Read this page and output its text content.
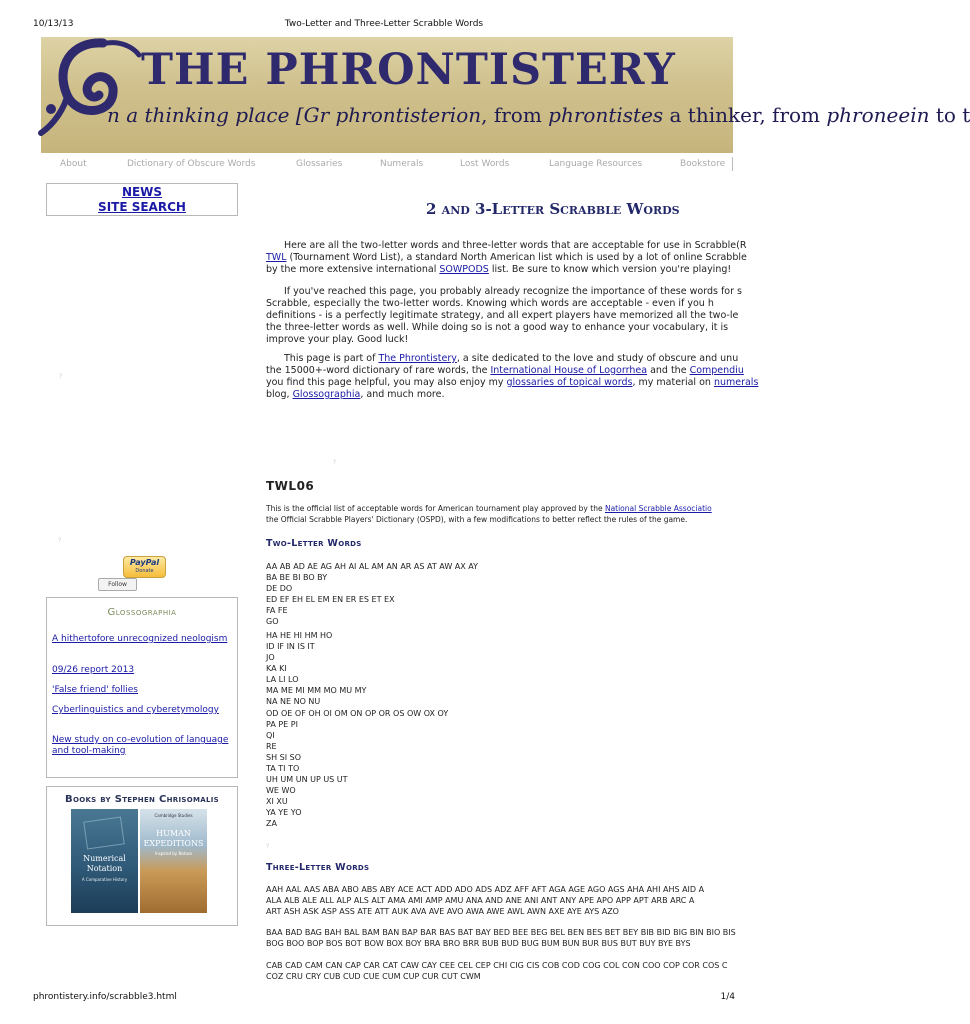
10/13/13	Two-Letter and Three-Letter Scrabble Words
THE PHRONTISTERY
n a thinking place [Gr phrontisterion, from phrontistes a thinker, from phroneein to t
About	Dictionary of Obscure Words	Glossaries	Numerals	Lost Words	Language Resources	Bookstore
NEWS
SITE SEARCH
?
?
PayPal
Donate
Follow
Glossographia
A hithertofore unrecognized neologism
09/26 report 2013
'False friend' follies
Cyberlinguistics and cyberetymology
New study on co-evolution of language and tool-making
Books by Stephen Chrisomalis
Numerical Notation
A Comparative History
Cambridge Studies
HUMAN EXPEDITIONS
Inspired by Nature
2 and 3-Letter Scrabble Words
Here are all the two-letter words and three-letter words that are acceptable for use in Scrabble(R
TWL (Tournament Word List), a standard North American list which is used by a lot of online Scrabble
by the more extensive international SOWPODS list. Be sure to know which version you're playing!
If you've reached this page, you probably already recognize the importance of these words for s
Scrabble, especially the two-letter words. Knowing which words are acceptable - even if you h
definitions - is a perfectly legitimate strategy, and all expert players have memorized all the two-le
the three-letter words as well. While doing so is not a good way to enhance your vocabulary, it is
improve your play. Good luck!
This page is part of The Phrontistery, a site dedicated to the love and study of obscure and unu
the 15000+-word dictionary of rare words, the International House of Logorrhea and the Compendiu
you find this page helpful, you may also enjoy my glossaries of topical words, my material on numerals
blog, Glossographia, and much more.
?
TWL06
This is the official list of acceptable words for American tournament play approved by the National Scrabble Associatio
the Official Scrabble Players' Dictionary (OSPD), with a few modifications to better reflect the rules of the game.
Two-Letter Words
AA AB AD AE AG AH AI AL AM AN AR AS AT AW AX AY
BA BE BI BO BY
DE DO
ED EF EH EL EM EN ER ES ET EX
FA FE
GO
HA HE HI HM HO
ID IF IN IS IT
JO
KA KI
LA LI LO
MA ME MI MM MO MU MY
NA NE NO NU
OD OE OF OH OI OM ON OP OR OS OW OX OY
PA PE PI
QI
RE
SH SI SO
TA TI TO
UH UM UN UP US UT
WE WO
XI XU
YA YE YO
ZA
?
Three-Letter Words
AAH AAL AAS ABA ABO ABS ABY ACE ACT ADD ADO ADS ADZ AFF AFT AGA AGE AGO AGS AHA AHI AHS AID A
ALA ALB ALE ALL ALP ALS ALT AMA AMI AMP AMU ANA AND ANE ANI ANT ANY APE APO APP APT ARB ARC A
ART ASH ASK ASP ASS ATE ATT AUK AVA AVE AVO AWA AWE AWL AWN AXE AYE AYS AZO
BAA BAD BAG BAH BAL BAM BAN BAP BAR BAS BAT BAY BED BEE BEG BEL BEN BES BET BEY BIB BID BIG BIN BIO BIS
BOG BOO BOP BOS BOT BOW BOX BOY BRA BRO BRR BUB BUD BUG BUM BUN BUR BUS BUT BUY BYE BYS
CAB CAD CAM CAN CAP CAR CAT CAW CAY CEE CEL CEP CHI CIG CIS COB COD COG COL CON COO COP COR COS C
COZ CRU CRY CUB CUD CUE CUM CUP CUR CUT CWM
phrontistery.info/scrabble3.html	1/4
